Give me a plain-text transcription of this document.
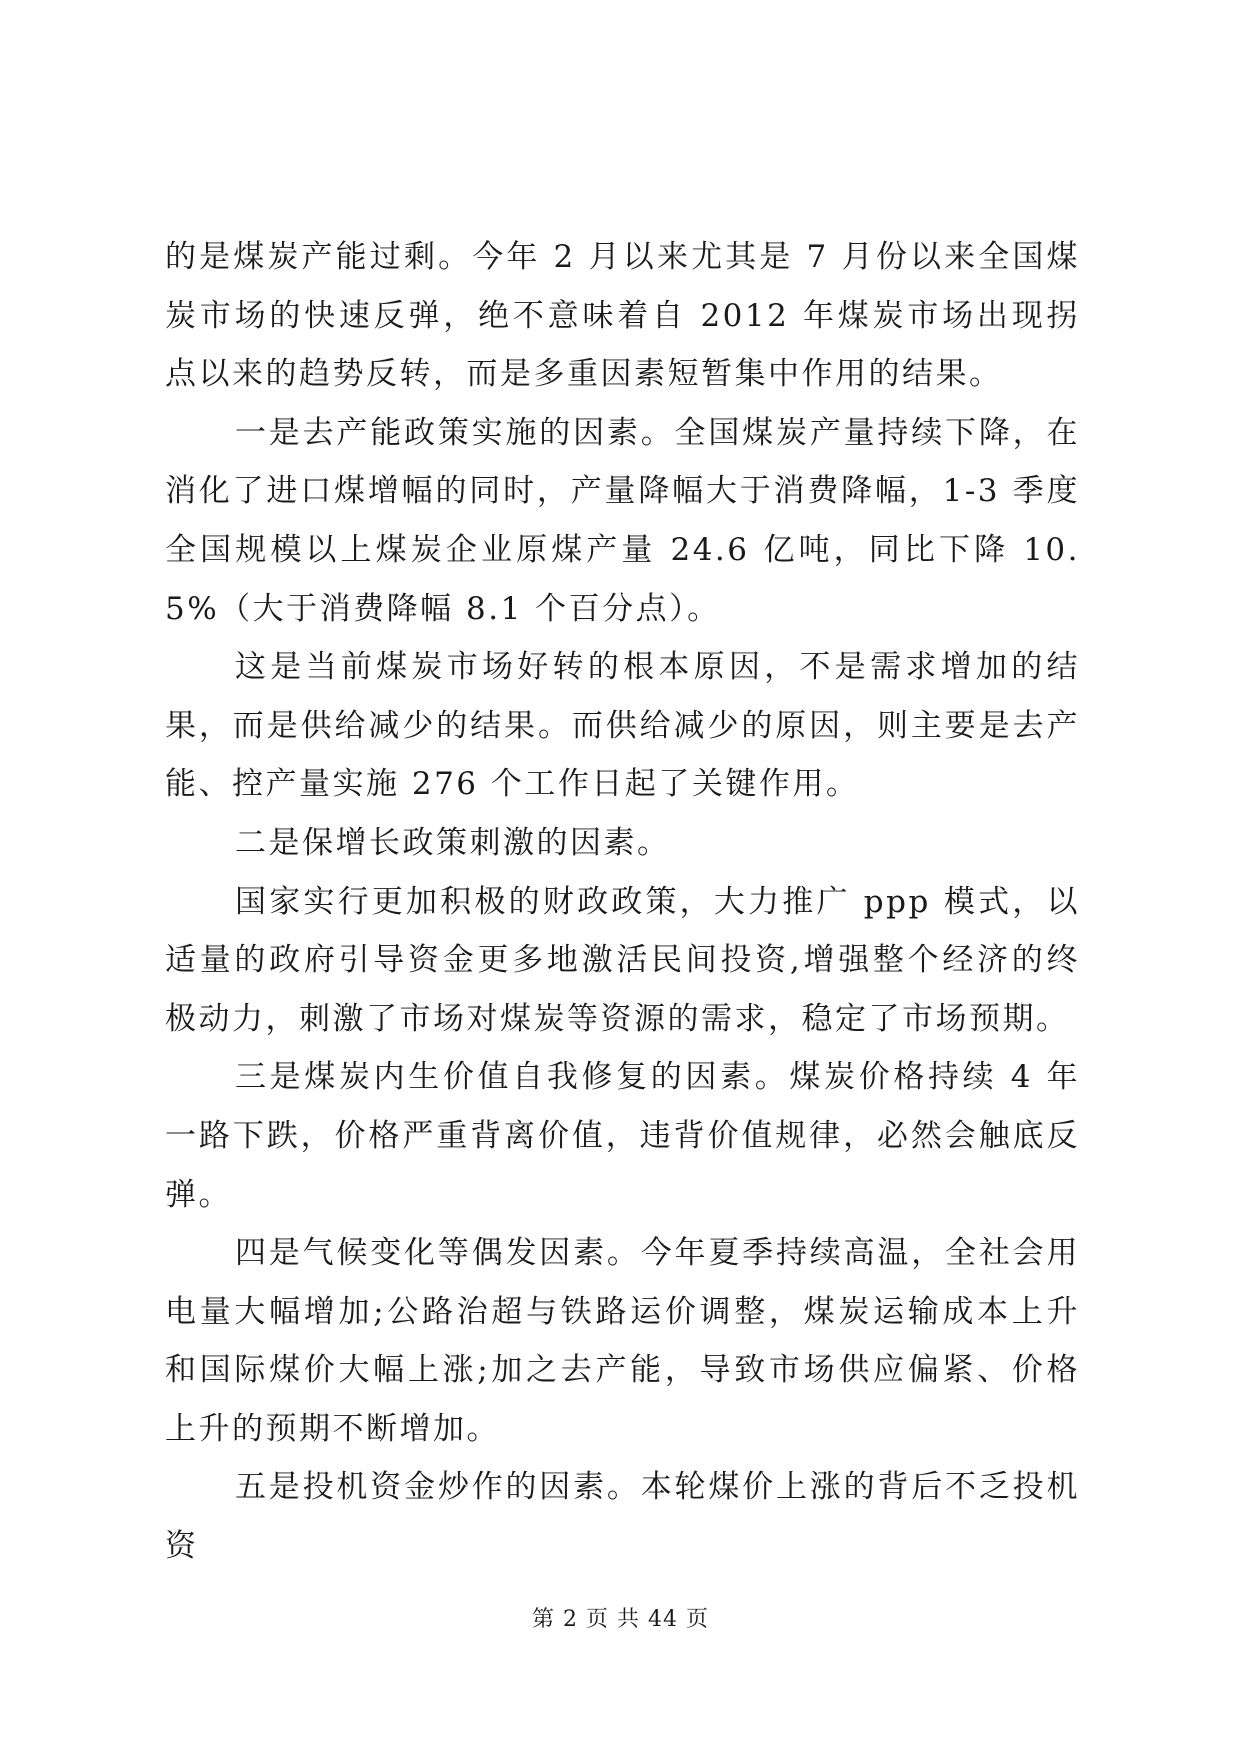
的是煤炭产能过剩。今年 2 月以来尤其是 7 月份以来全国煤炭市场的快速反弹，绝不意味着自 2012 年煤炭市场出现拐点以来的趋势反转，而是多重因素短暂集中作用的结果。

一是去产能政策实施的因素。全国煤炭产量持续下降，在消化了进口煤增幅的同时，产量降幅大于消费降幅，1-3 季度全国规模以上煤炭企业原煤产量 24.6 亿吨，同比下降 10.5%（大于消费降幅 8.1 个百分点）。

这是当前煤炭市场好转的根本原因，不是需求增加的结果，而是供给减少的结果。而供给减少的原因，则主要是去产能、控产量实施 276 个工作日起了关键作用。

二是保增长政策刺激的因素。

国家实行更加积极的财政政策，大力推广 ppp 模式，以适量的政府引导资金更多地激活民间投资,增强整个经济的终极动力，刺激了市场对煤炭等资源的需求，稳定了市场预期。

三是煤炭内生价值自我修复的因素。煤炭价格持续 4 年一路下跌，价格严重背离价值，违背价值规律，必然会触底反弹。

四是气候变化等偶发因素。今年夏季持续高温，全社会用电量大幅增加;公路治超与铁路运价调整，煤炭运输成本上升和国际煤价大幅上涨;加之去产能，导致市场供应偏紧、价格上升的预期不断增加。

五是投机资金炒作的因素。本轮煤价上涨的背后不乏投机资

第 2 页 共 44 页
